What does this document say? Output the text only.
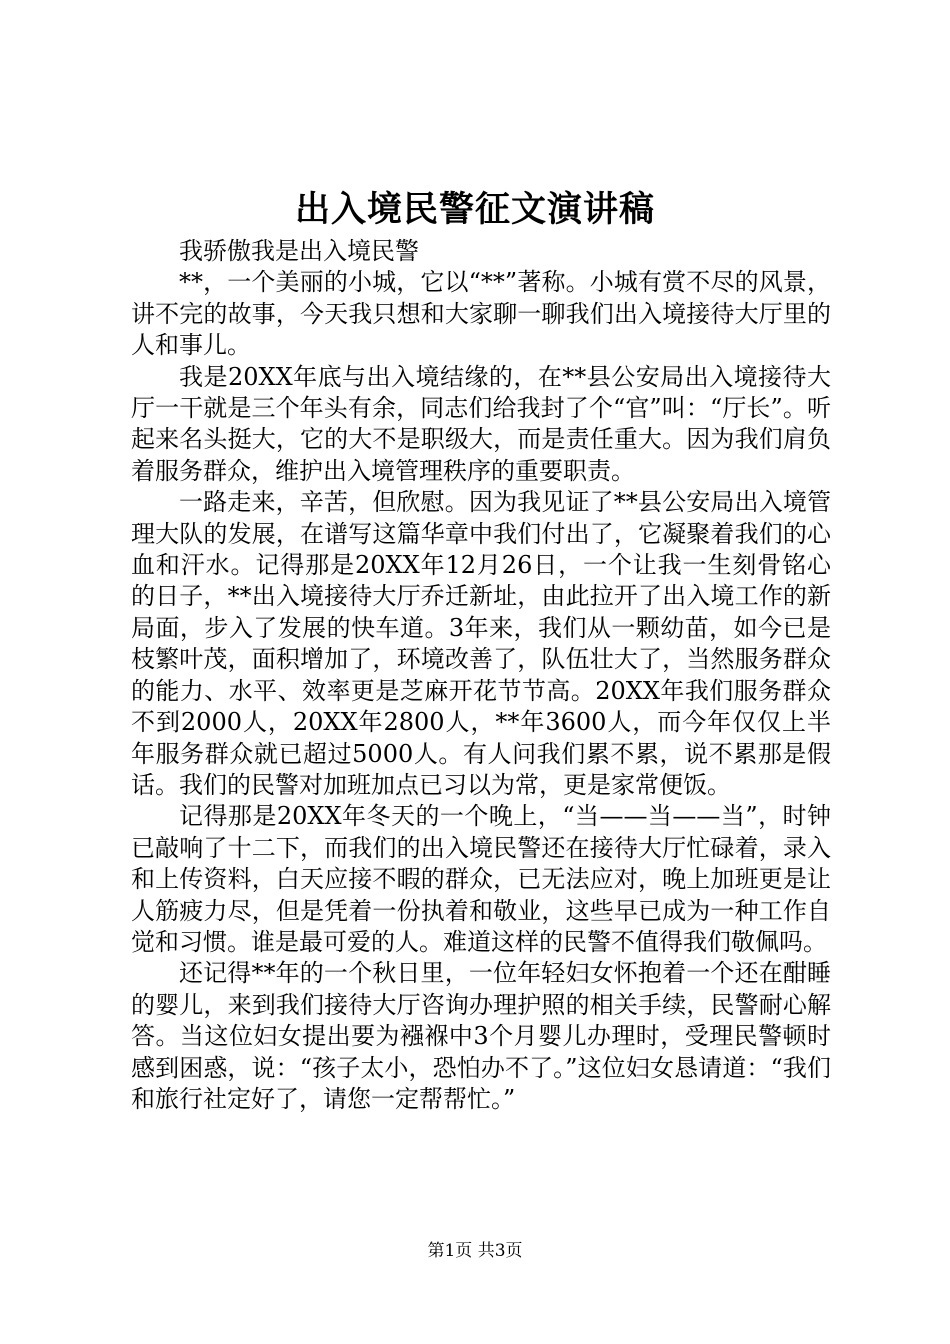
出入境民警征文演讲稿

我骄傲我是出入境民警

**，一个美丽的小城，它以“**”著称。小城有赏不尽的风景，讲不完的故事，今天我只想和大家聊一聊我们出入境接待大厅里的人和事儿。

我是20XX年底与出入境结缘的，在**县公安局出入境接待大厅一干就是三个年头有余，同志们给我封了个“官”叫：“厅长”。听起来名头挺大，它的大不是职级大，而是责任重大。因为我们肩负着服务群众，维护出入境管理秩序的重要职责。

一路走来，辛苦，但欣慰。因为我见证了**县公安局出入境管理大队的发展，在谱写这篇华章中我们付出了，它凝聚着我们的心血和汗水。记得那是20XX年12月26日，一个让我一生刻骨铭心的日子，**出入境接待大厅乔迁新址，由此拉开了出入境工作的新局面，步入了发展的快车道。3年来，我们从一颗幼苗，如今已是枝繁叶茂，面积增加了，环境改善了，队伍壮大了，当然服务群众的能力、水平、效率更是芝麻开花节节高。20XX年我们服务群众不到2000人，20XX年2800人，**年3600人，而今年仅仅上半年服务群众就已超过5000人。有人问我们累不累，说不累那是假话。我们的民警对加班加点已习以为常，更是家常便饭。

记得那是20XX年冬天的一个晚上，“当——当——当”，时钟已敲响了十二下，而我们的出入境民警还在接待大厅忙碌着，录入和上传资料，白天应接不暇的群众，已无法应对，晚上加班更是让人筋疲力尽，但是凭着一份执着和敬业，这些早已成为一种工作自觉和习惯。谁是最可爱的人。难道这样的民警不值得我们敬佩吗。

还记得**年的一个秋日里，一位年轻妇女怀抱着一个还在酣睡的婴儿，来到我们接待大厅咨询办理护照的相关手续，民警耐心解答。当这位妇女提出要为襁褓中3个月婴儿办理时，受理民警顿时感到困惑，说：“孩子太小，恐怕办不了。”这位妇女恳请道：“我们和旅行社定好了，请您一定帮帮忙。”

第1页 共3页
